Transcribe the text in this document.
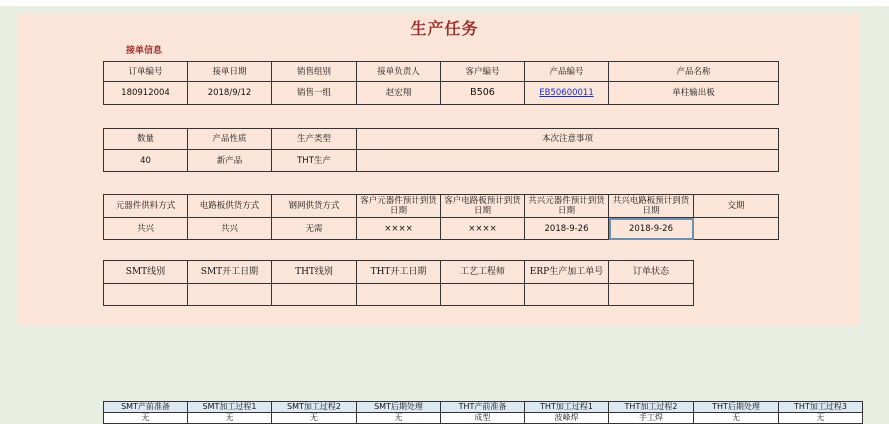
生产任务
接单信息
订单编号	接单日期	销售组别	接单负责人	客户编号	产品编号	产品名称
180912004	2018/9/12	销售一组	赵宏翔	B506	EB50600011	单柱输出板
数量	产品性质	生产类型	本次注意事项
40	新产品	THT生产	
元器件供料方式	电路板供货方式	钢网供货方式	客户元器件预计到货日期	客户电路板预计到货日期	共兴元器件预计到货日期	共兴电路板预计到货日期	交期
共兴	共兴	无需	××××	××××	2018-9-26	2018-9-26	
SMT线别	SMT开工日期	THT线别	THT开工日期	工艺工程师	ERP生产加工单号	订单状态

SMT产前准备	SMT加工过程1	SMT加工过程2	SMT后期处理	THT产前准备	THT加工过程1	THT加工过程2	THT后期处理	THT加工过程3
无	无	无	无	成型	波峰焊	手工焊	无	无
